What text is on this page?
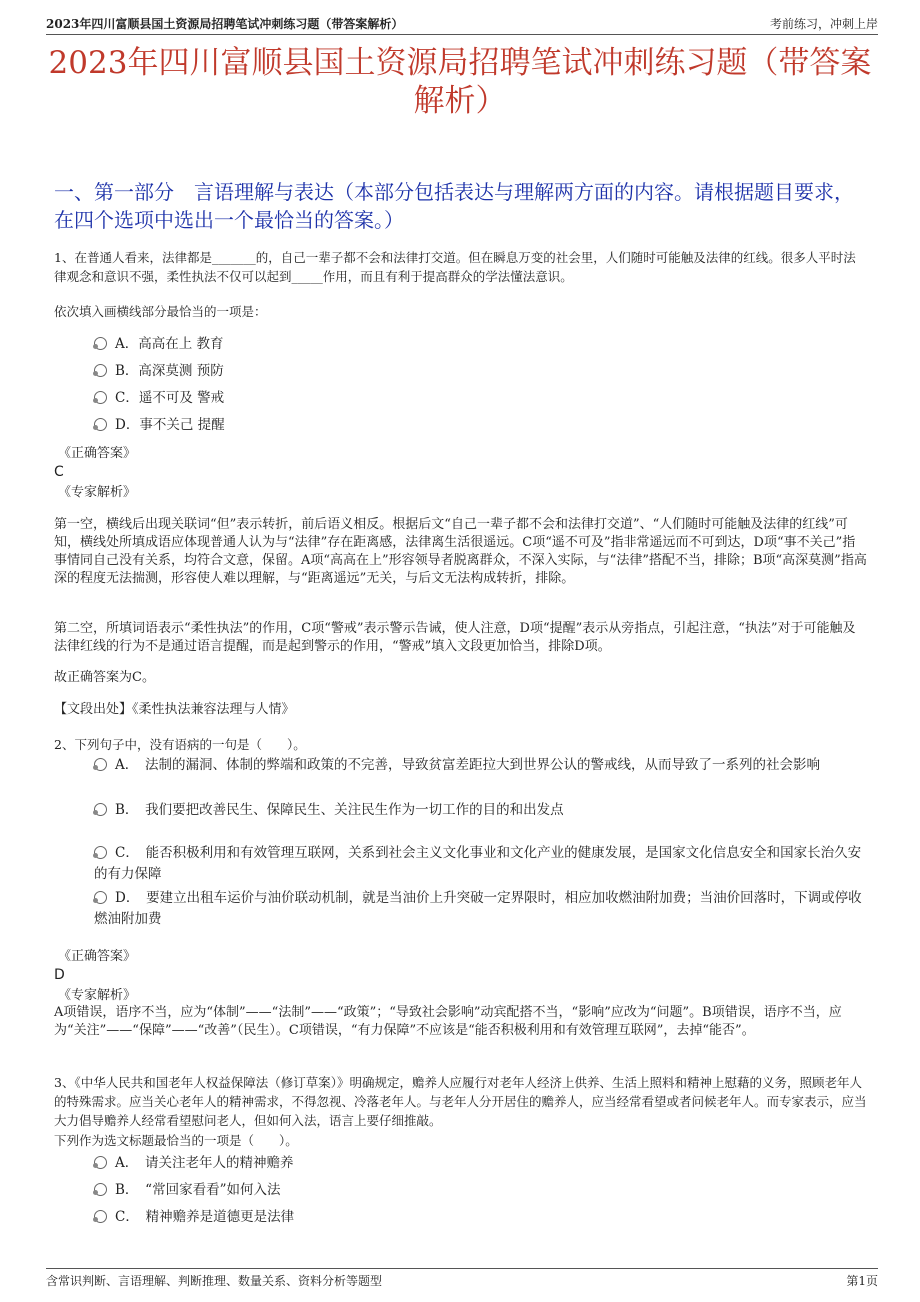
2023年四川富顺县国土资源局招聘笔试冲刺练习题（带答案解析）	考前练习，冲刺上岸
2023年四川富顺县国土资源局招聘笔试冲刺练习题（带答案解析）
一、第一部分　言语理解与表达（本部分包括表达与理解两方面的内容。请根据题目要求，在四个选项中选出一个最恰当的答案。）
1、在普通人看来，法律都是_______的，自己一辈子都不会和法律打交道。但在瞬息万变的社会里，人们随时可能触及法律的红线。很多人平时法律观念和意识不强，柔性执法不仅可以起到_____作用，而且有利于提高群众的学法懂法意识。
依次填入画横线部分最恰当的一项是：
A．高高在上 教育
B．高深莫测 预防
C．遥不可及 警戒
D．事不关己 提醒
《正确答案》
C
《专家解析》
第一空，横线后出现关联词“但”表示转折，前后语义相反。根据后文“自己一辈子都不会和法律打交道”、“人们随时可能触及法律的红线”可知，横线处所填成语应体现普通人认为与“法律”存在距离感，法律离生活很遥远。C项“遥不可及”指非常遥远而不可到达，D项“事不关己”指事情同自己没有关系，均符合文意，保留。A项“高高在上”形容领导者脱离群众，不深入实际，与“法律”搭配不当，排除；B项“高深莫测”指高深的程度无法揣测，形容使人难以理解，与“距离遥远”无关，与后文无法构成转折，排除。
第二空，所填词语表示“柔性执法”的作用，C项“警戒”表示警示告诫，使人注意，D项“提醒”表示从旁指点，引起注意，“执法”对于可能触及法律红线的行为不是通过语言提醒，而是起到警示的作用，“警戒”填入文段更加恰当，排除D项。
故正确答案为C。
【文段出处】《柔性执法兼容法理与人情》
2、下列句子中，没有语病的一句是（　　）。
A．　法制的漏洞、体制的弊端和政策的不完善，导致贫富差距拉大到世界公认的警戒线，从而导致了一系列的社会影响
B．　我们要把改善民生、保障民生、关注民生作为一切工作的目的和出发点
C．　能否积极利用和有效管理互联网，关系到社会主义文化事业和文化产业的健康发展，是国家文化信息安全和国家长治久安的有力保障
D．　要建立出租车运价与油价联动机制，就是当油价上升突破一定界限时，相应加收燃油附加费；当油价回落时，下调或停收燃油附加费
《正确答案》
D
《专家解析》
A项错误，语序不当，应为“体制”——“法制”——“政策”；“导致社会影响”动宾配搭不当，“影响”应改为“问题”。B项错误，语序不当，应为“关注”——“保障”——“改善”（民生）。C项错误，“有力保障”不应该是“能否积极利用和有效管理互联网”，去掉“能否”。
3、《中华人民共和国老年人权益保障法（修订草案）》明确规定，赡养人应履行对老年人经济上供养、生活上照料和精神上慰藉的义务，照顾老年人的特殊需求。应当关心老年人的精神需求，不得忽视、冷落老年人。与老年人分开居住的赡养人，应当经常看望或者问候老年人。而专家表示，应当大力倡导赡养人经常看望慰问老人，但如何入法，语言上要仔细推敲。
下列作为选文标题最恰当的一项是（　　）。
A．　请关注老年人的精神赡养
B．　“常回家看看”如何入法
C．　精神赡养是道德更是法律
含常识判断、言语理解、判断推理、数量关系、资料分析等题型	第1页
